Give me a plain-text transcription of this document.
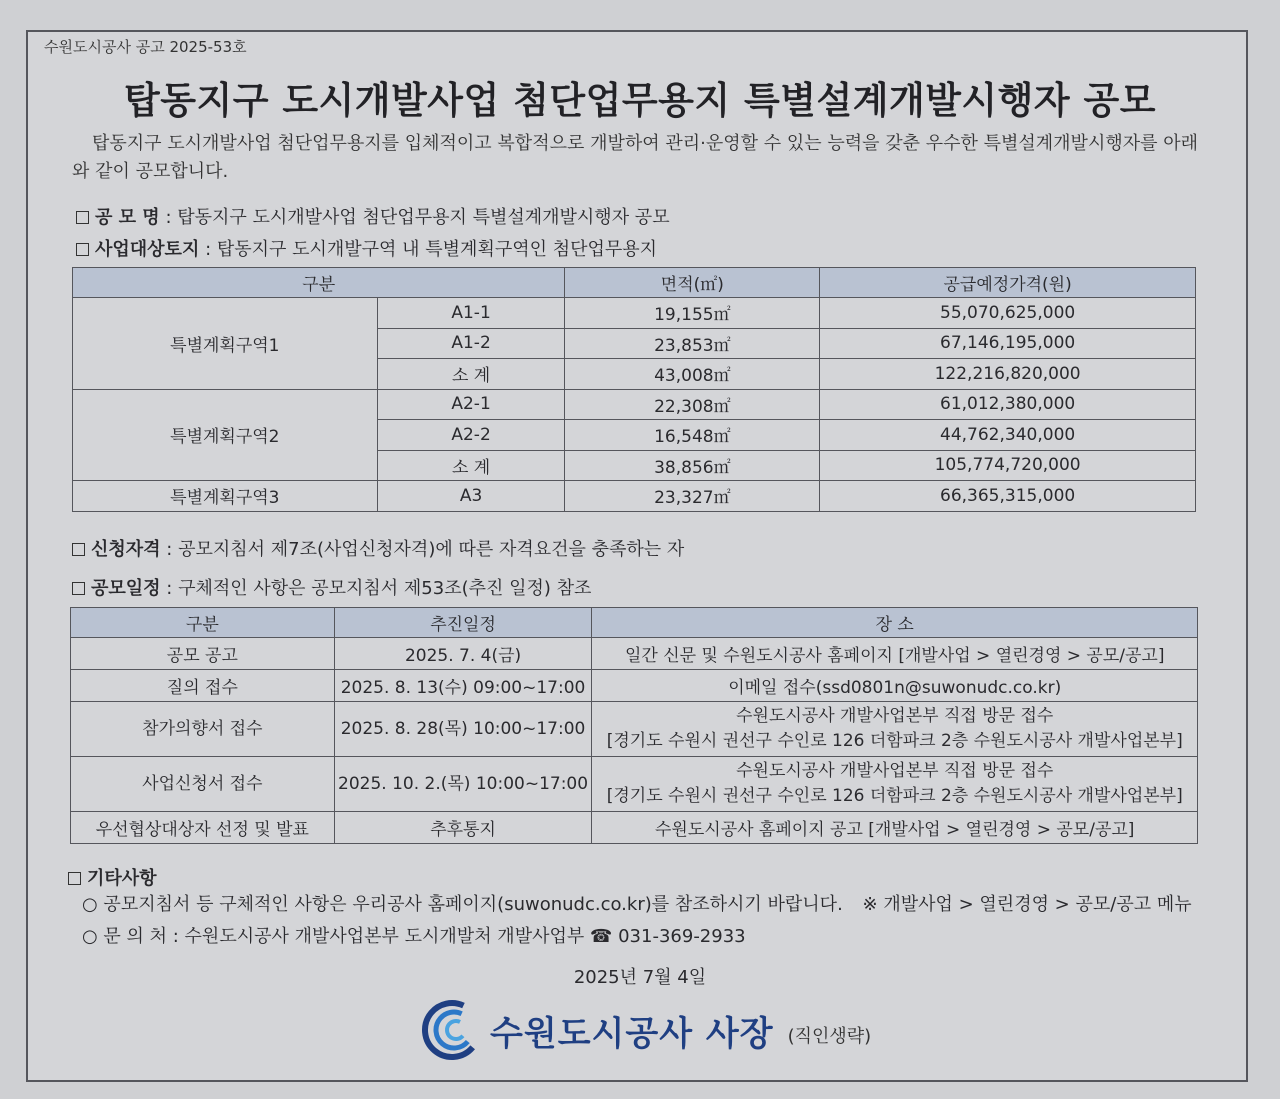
수원도시공사 공고 2025-53호
탑동지구 도시개발사업 첨단업무용지 특별설계개발시행자 공모
탑동지구 도시개발사업 첨단업무용지를 입체적이고 복합적으로 개발하여 관리·운영할 수 있는 능력을 갖춘 우수한 특별설계개발시행자를 아래와 같이 공모합니다.
공 모 명 : 탑동지구 도시개발사업 첨단업무용지 특별설계개발시행자 공모
사업대상토지 : 탑동지구 도시개발구역 내 특별계획구역인 첨단업무용지
구분		면적(㎡)	공급예정가격(원)
특별계획구역1	A1-1	19,155㎡	55,070,625,000
	A1-2	23,853㎡	67,146,195,000
	소 계	43,008㎡	122,216,820,000
특별계획구역2	A2-1	22,308㎡	61,012,380,000
	A2-2	16,548㎡	44,762,340,000
	소 계	38,856㎡	105,774,720,000
특별계획구역3	A3	23,327㎡	66,365,315,000
신청자격 : 공모지침서 제7조(사업신청자격)에 따른 자격요건을 충족하는 자
공모일정 : 구체적인 사항은 공모지침서 제53조(추진 일정) 참조
구분	추진일정	장 소
공모 공고	2025. 7. 4(금)	일간 신문 및 수원도시공사 홈페이지 [개발사업 > 열린경영 > 공모/공고]
질의 접수	2025. 8. 13(수) 09:00~17:00	이메일 접수(ssd0801n@suwonudc.co.kr)
참가의향서 접수	2025. 8. 28(목) 10:00~17:00	수원도시공사 개발사업본부 직접 방문 접수
[경기도 수원시 권선구 수인로 126 더함파크 2층 수원도시공사 개발사업본부]

사업신청서 접수	2025. 10. 2.(목) 10:00~17:00	수원도시공사 개발사업본부 직접 방문 접수
[경기도 수원시 권선구 수인로 126 더함파크 2층 수원도시공사 개발사업본부]

우선협상대상자 선정 및 발표	추후통지	수원도시공사 홈페이지 공고 [개발사업 > 열린경영 > 공모/공고]
기타사항
○ 공모지침서 등 구체적인 사항은 우리공사 홈페이지(suwonudc.co.kr)를 참조하시기 바랍니다. ※ 개발사업 > 열린경영 > 공모/공고 메뉴
○ 문 의 처 : 수원도시공사 개발사업본부 도시개발처 개발사업부 ☎ 031-369-2933
2025년 7월 4일
수원도시공사 사장 (직인생략)
